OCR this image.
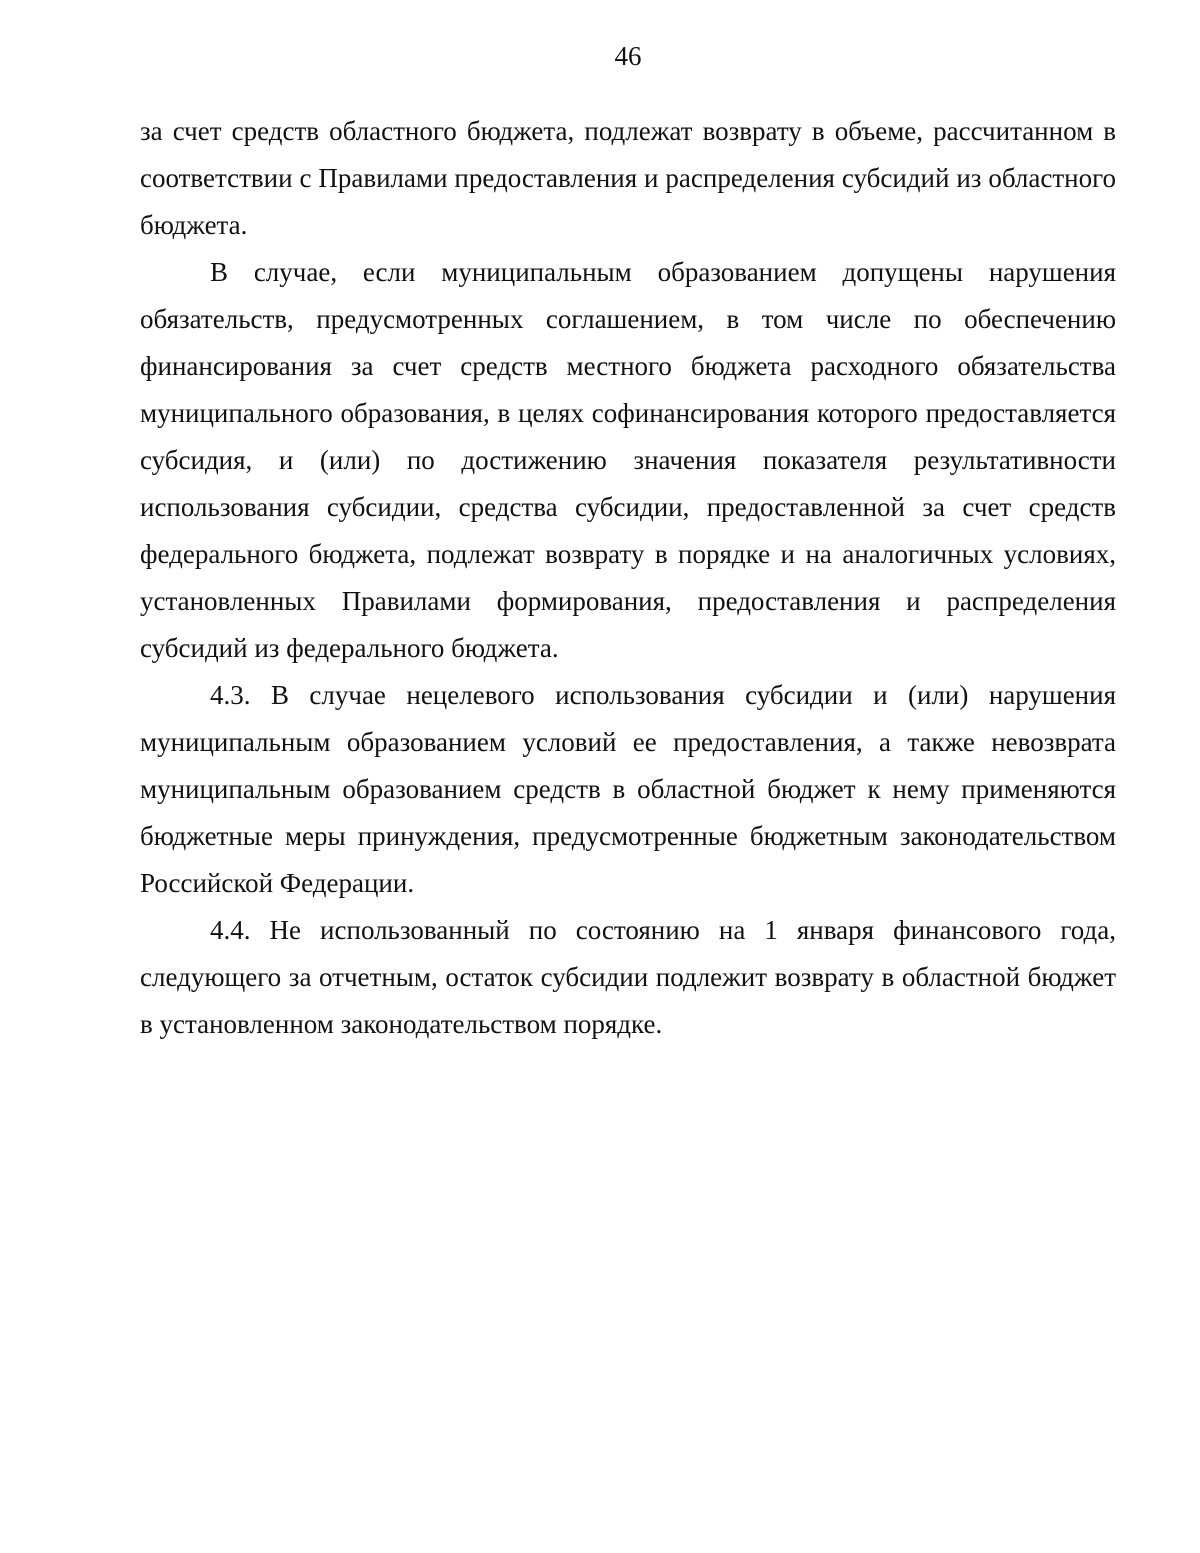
46

за счет средств областного бюджета, подлежат возврату в объеме, рассчитанном в соответствии с Правилами предоставления и распределения субсидий из областного бюджета.

В случае, если муниципальным образованием допущены нарушения обязательств, предусмотренных соглашением, в том числе по обеспечению финансирования за счет средств местного бюджета расходного обязательства муниципального образования, в целях софинансирования которого предоставляется субсидия, и (или) по достижению значения показателя результативности использования субсидии, средства субсидии, предоставленной за счет средств федерального бюджета, подлежат возврату в порядке и на аналогичных условиях, установленных Правилами формирования, предоставления и распределения субсидий из федерального бюджета.

4.3. В случае нецелевого использования субсидии и (или) нарушения муниципальным образованием условий ее предоставления, а также невозврата муниципальным образованием средств в областной бюджет к нему применяются бюджетные меры принуждения, предусмотренные бюджетным законодательством Российской Федерации.

4.4. Не использованный по состоянию на 1 января финансового года, следующего за отчетным, остаток субсидии подлежит возврату в областной бюджет в установленном законодательством порядке.
